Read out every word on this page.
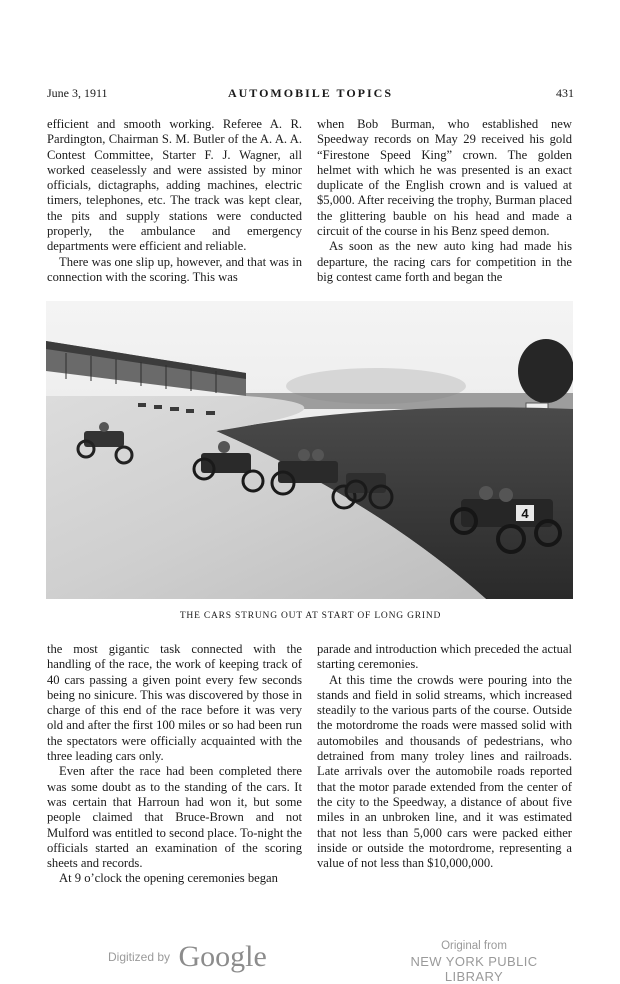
June 3, 1911	AUTOMOBILE TOPICS	431

efficient and smooth working. Referee A. R. Pardington, Chairman S. M. Butler of the A. A. A. Contest Committee, Starter F. J. Wagner, all worked ceaselessly and were assisted by minor officials, dictagraphs, adding machines, electric timers, telephones, etc. The track was kept clear, the pits and supply stations were conducted properly, the ambulance and emergency departments were efficient and reliable.

There was one slip up, however, and that was in connection with the scoring. This was

when Bob Burman, who established new Speedway records on May 29 received his gold “Firestone Speed King” crown. The golden helmet with which he was presented is an exact duplicate of the English crown and is valued at $5,000. After receiving the trophy, Burman placed the glittering bauble on his head and made a circuit of the course in his Benz speed demon.

As soon as the new auto king had made his departure, the racing cars for competition in the big contest came forth and began the

4
THE CARS STRUNG OUT AT START OF LONG GRIND

the most gigantic task connected with the handling of the race, the work of keeping track of 40 cars passing a given point every few seconds being no sinicure. This was discovered by those in charge of this end of the race before it was very old and after the first 100 miles or so had been run the spectators were officially acquainted with the three leading cars only.

Even after the race had been completed there was some doubt as to the standing of the cars. It was certain that Harroun had won it, but some people claimed that Bruce-Brown and not Mulford was entitled to second place. To-night the officials started an examination of the scoring sheets and records.

At 9 o’clock the opening ceremonies began

parade and introduction which preceded the actual starting ceremonies.

At this time the crowds were pouring into the stands and field in solid streams, which increased steadily to the various parts of the course. Outside the motordrome the roads were massed solid with automobiles and thousands of pedestrians, who detrained from many troley lines and railroads. Late arrivals over the automobile roads reported that the motor parade extended from the center of the city to the Speedway, a distance of about five miles in an unbroken line, and it was estimated that not less than 5,000 cars were packed either inside or outside the motordrome, representing a value of not less than $10,000,000.

Digitized by Google	Original from
NEW YORK PUBLIC LIBRARY
